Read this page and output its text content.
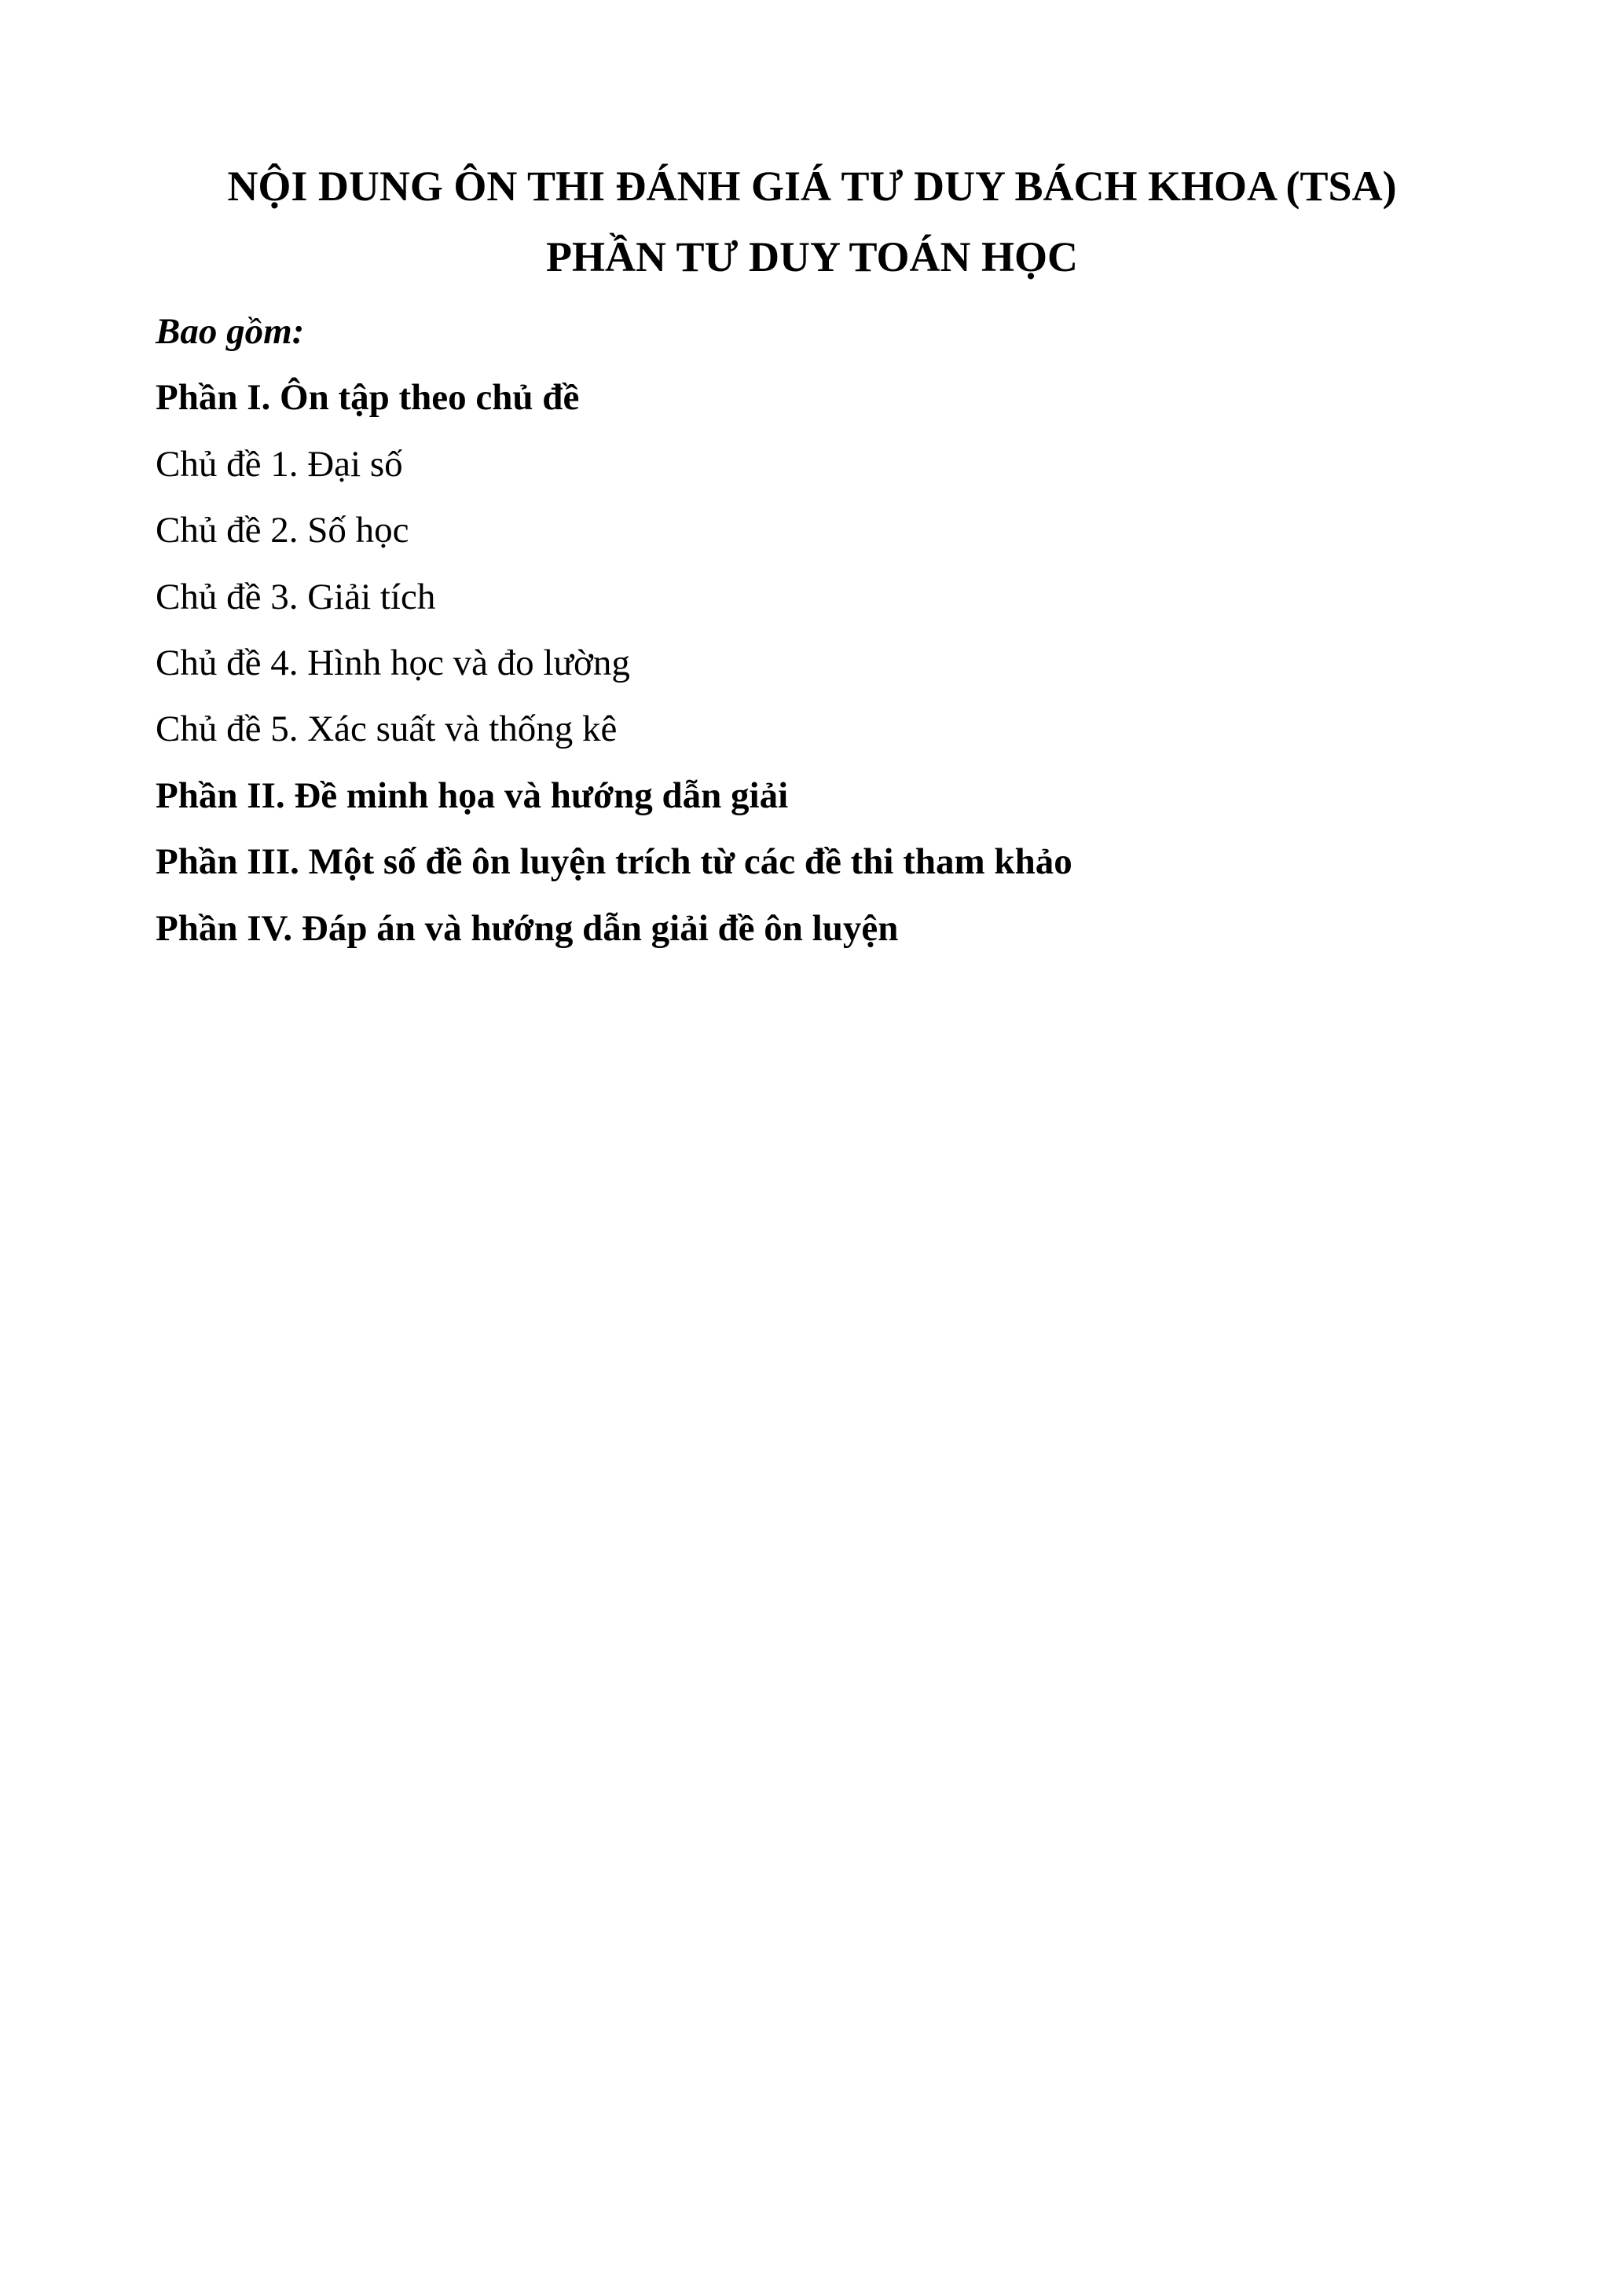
NỘI DUNG ÔN THI ĐÁNH GIÁ TƯ DUY BÁCH KHOA (TSA)
PHẦN TƯ DUY TOÁN HỌC
Bao gồm:
Phần I. Ôn tập theo chủ đề
Chủ đề 1. Đại số
Chủ đề 2. Số học
Chủ đề 3. Giải tích
Chủ đề 4. Hình học và đo lường
Chủ đề 5. Xác suất và thống kê
Phần II. Đề minh họa và hướng dẫn giải
Phần III. Một số đề ôn luyện trích từ các đề thi tham khảo
Phần IV. Đáp án và hướng dẫn giải đề ôn luyện
